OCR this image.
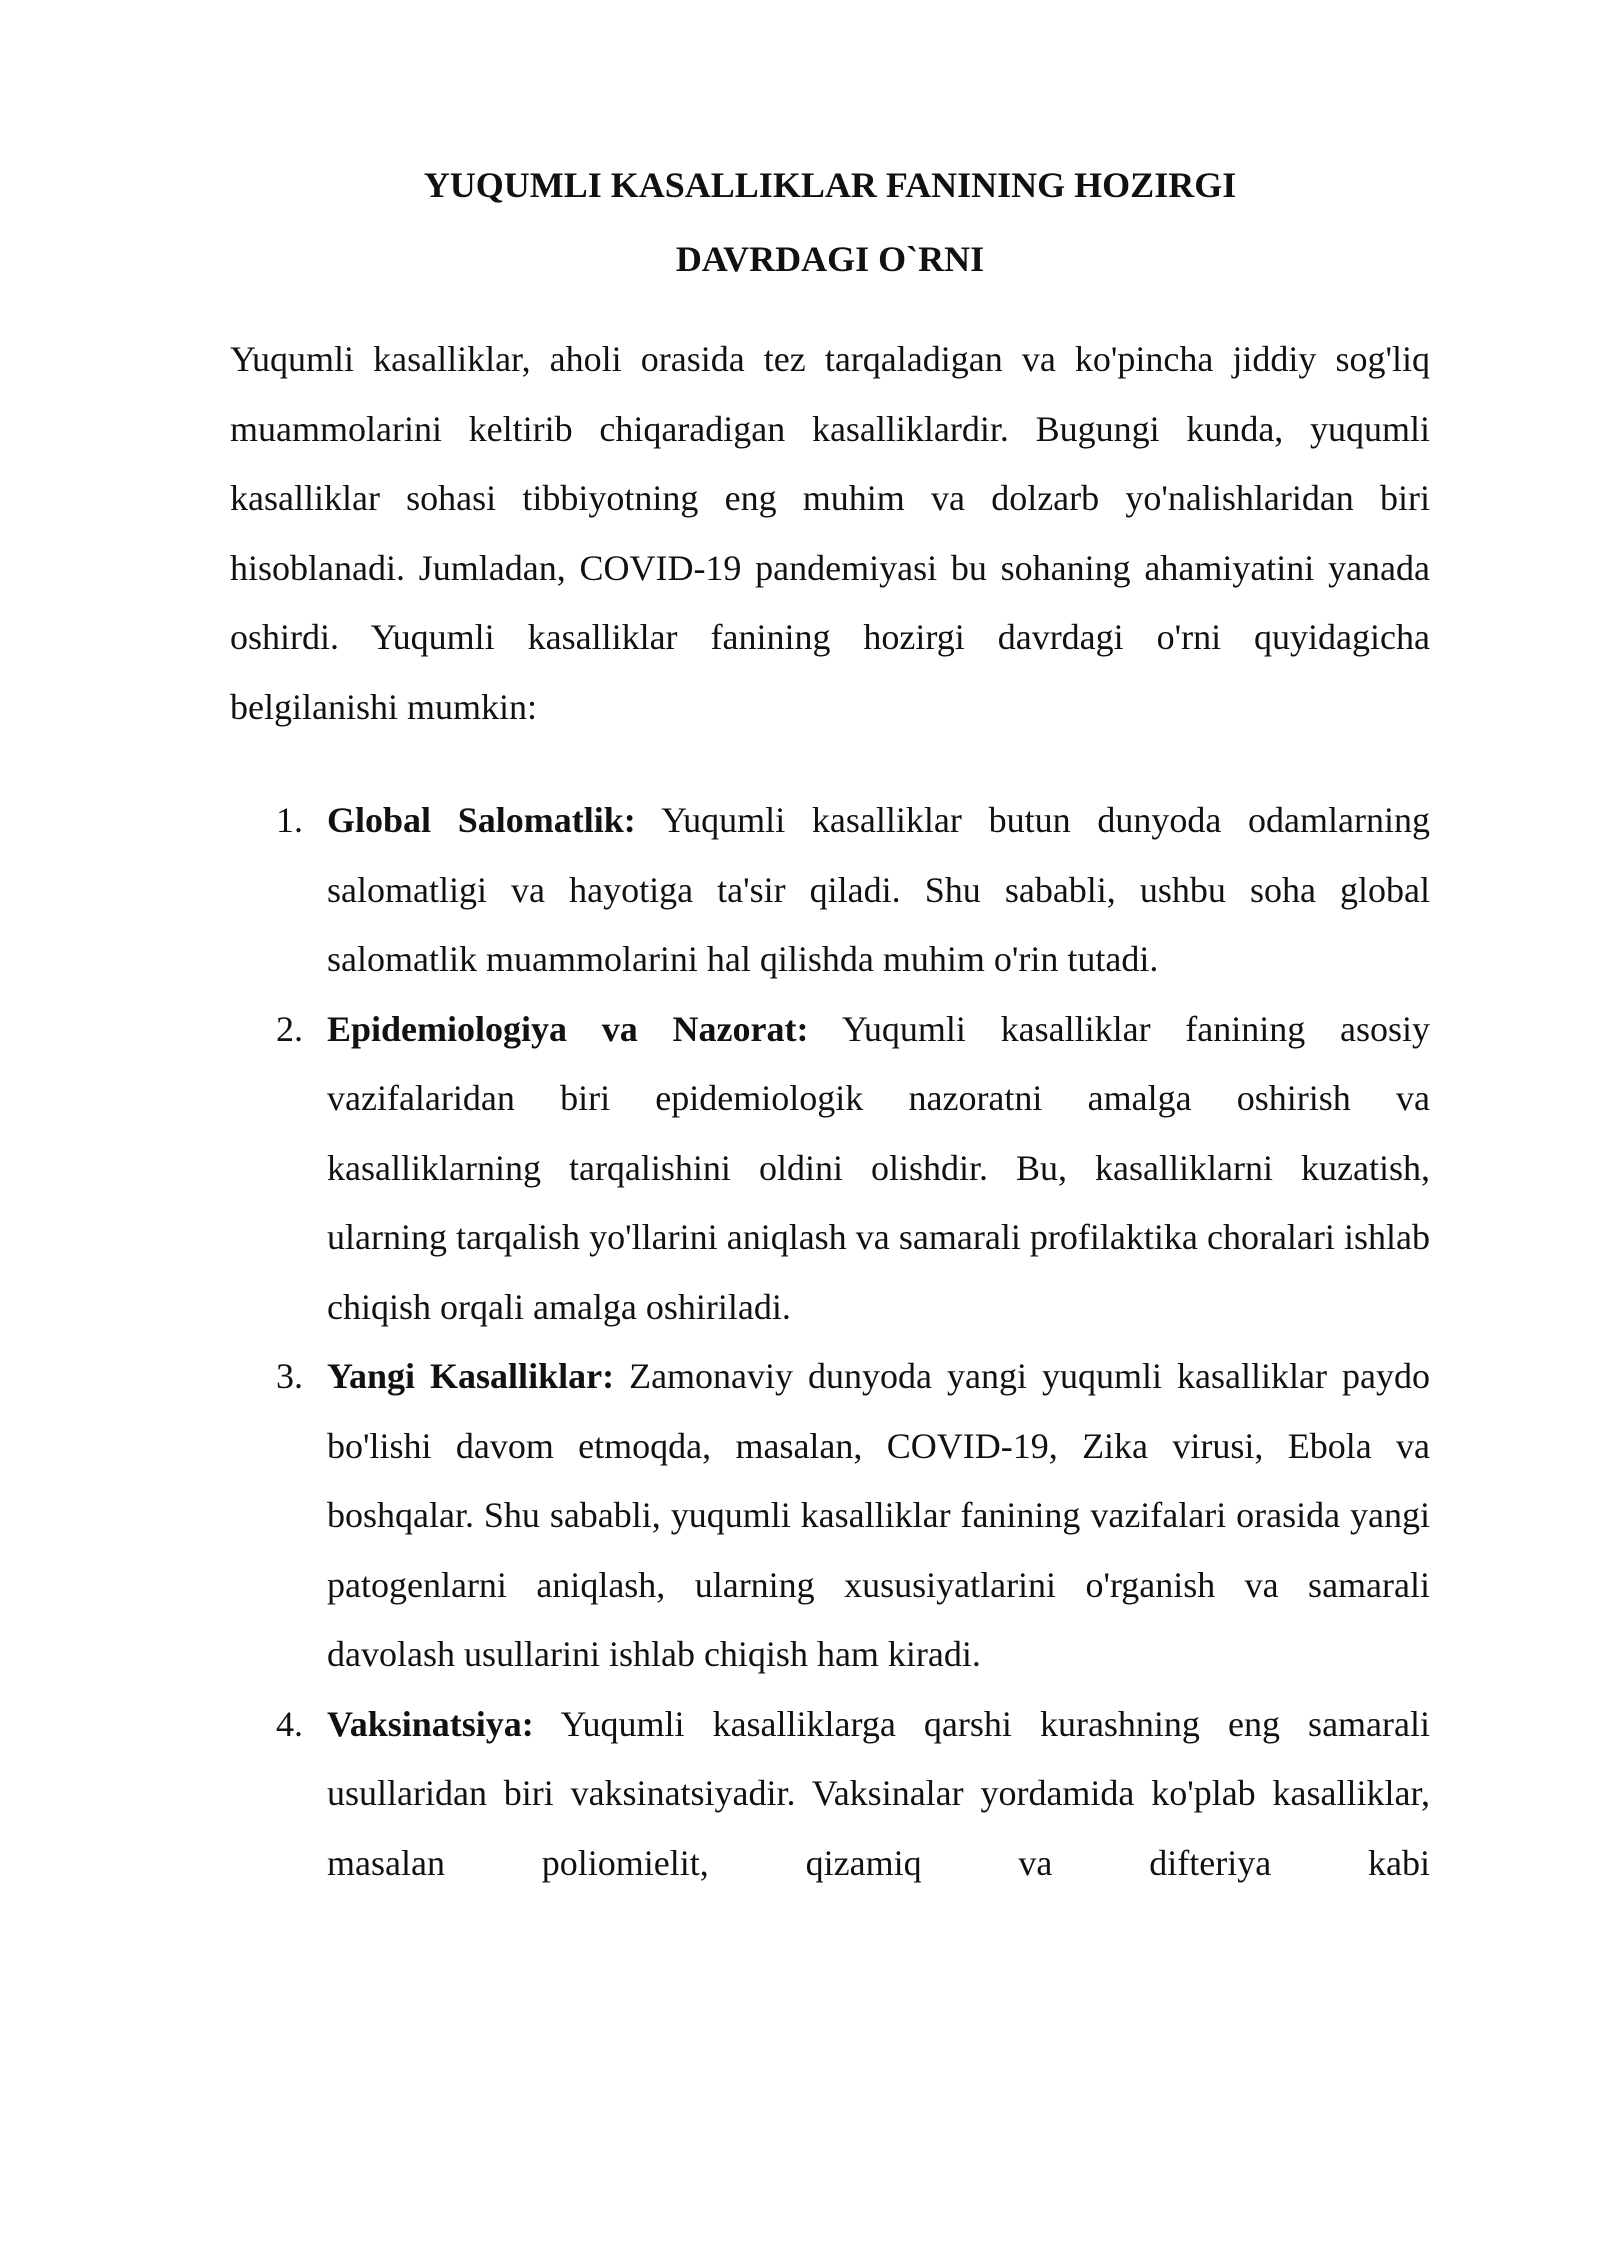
YUQUMLI KASALLIKLAR FANINING HOZIRGI
DAVRDAGI O`RNI

Yuqumli kasalliklar, aholi orasida tez tarqaladigan va ko'pincha jiddiy sog'liq muammolarini keltirib chiqaradigan kasalliklardir. Bugungi kunda, yuqumli kasalliklar sohasi tibbiyotning eng muhim va dolzarb yo'nalishlaridan biri hisoblanadi. Jumladan, COVID-19 pandemiyasi bu sohaning ahamiyatini yanada oshirdi. Yuqumli kasalliklar fanining hozirgi davrdagi o'rni quyidagicha belgilanishi mumkin:

1. Global Salomatlik: Yuqumli kasalliklar butun dunyoda odamlarning salomatligi va hayotiga ta'sir qiladi. Shu sababli, ushbu soha global salomatlik muammolarini hal qilishda muhim o'rin tutadi.
2. Epidemiologiya va Nazorat: Yuqumli kasalliklar fanining asosiy vazifalaridan biri epidemiologik nazoratni amalga oshirish va kasalliklarning tarqalishini oldini olishdir. Bu, kasalliklarni kuzatish, ularning tarqalish yo'llarini aniqlash va samarali profilaktika choralari ishlab chiqish orqali amalga oshiriladi.
3. Yangi Kasalliklar: Zamonaviy dunyoda yangi yuqumli kasalliklar paydo bo'lishi davom etmoqda, masalan, COVID-19, Zika virusi, Ebola va boshqalar. Shu sababli, yuqumli kasalliklar fanining vazifalari orasida yangi patogenlarni aniqlash, ularning xususiyatlarini o'rganish va samarali davolash usullarini ishlab chiqish ham kiradi.
4. Vaksinatsiya: Yuqumli kasalliklarga qarshi kurashning eng samarali usullaridan biri vaksinatsiyadir. Vaksinalar yordamida ko'plab kasalliklar, masalan poliomielit, qizamiq va difteriya kabi
